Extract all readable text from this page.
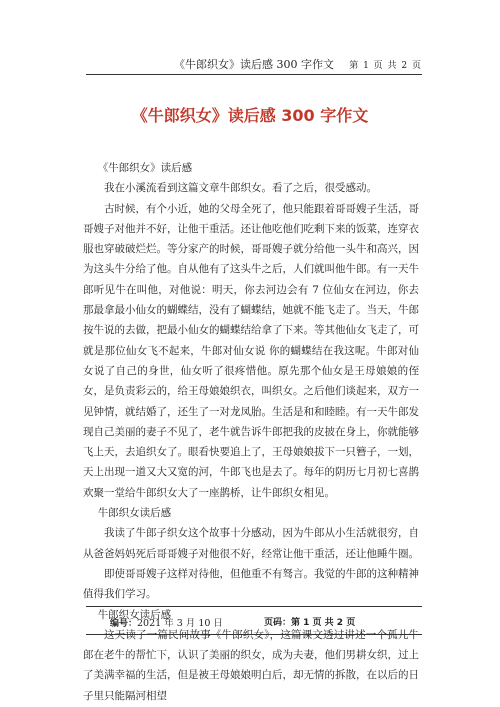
《牛郎织女》读后感 300 字作文	第 1 页 共 2 页
《牛郎织女》读后感 300 字作文

《牛郎织女》读后感

我在小溪流看到这篇文章牛郎织女。看了之后，很受感动。

古时候，有个小近，她的父母全死了，他只能跟着哥哥嫂子生活，哥哥嫂子对他并不好，让他干重活。还让他吃他们吃剩下来的饭菜，连穿衣服也穿破破烂烂。等分家产的时候，哥哥嫂子就分给他一头牛和高兴，因为这头牛分给了他。自从他有了这头牛之后，人们就叫他牛郎。有一天牛郎听见牛在叫他，对他说：明天，你去河边会有 7 位仙女在河边，你去那最拿最小仙女的蝴蝶结，没有了蝴蝶结，她就不能飞走了。当天，牛郎按牛说的去做，把最小仙女的蝴蝶结给拿了下来。等其他仙女飞走了，可就是那位仙女飞不起来，牛郎对仙女说 你的蝴蝶结在我这呢。牛郎对仙女说了自己的身世，仙女听了很疼惜他。原先那个仙女是王母娘娘的侄女，是负责彩云的，给王母娘娘织衣，叫织女。之后他们谈起来，双方一见钟情，就结婚了，还生了一对龙凤胎。生活是和和睦睦。有一天牛郎发现自己美丽的妻子不见了，老牛就告诉牛郎把我的皮披在身上，你就能够飞上天，去追织女了。眼看快要追上了，王母娘娘拔下一只簪子，一划，天上出现一道又大又宽的河，牛郎飞也是去了。每年的阴历七月初七喜鹊欢聚一堂给牛郎织女大了一座鹊桥，让牛郎织女相见。

牛郎织女读后感

我读了牛郎子织女这个故事十分感动，因为牛郎从小生活就很穷，自从爸爸妈妈死后哥哥嫂子对他很不好，经常让他干重活，还让他睡牛圈。

即使哥哥嫂子这样对待他，但他重不有驽言。我觉的牛郎的这种精神值得我们学习。

牛郎织女读后感

这天读了一篇民间故事《牛郎织女》，这篇课文透过讲述一个孤儿牛郎在老牛的帮忙下，认识了美丽的织女，成为夫妻，他们男耕女织，过上了美满幸福的生活，但是被王母娘娘明白后，却无情的拆散，在以后的日子里只能隔河相望

编号：2021 年 3 月 10 日	页码：第 1 页 共 2 页
